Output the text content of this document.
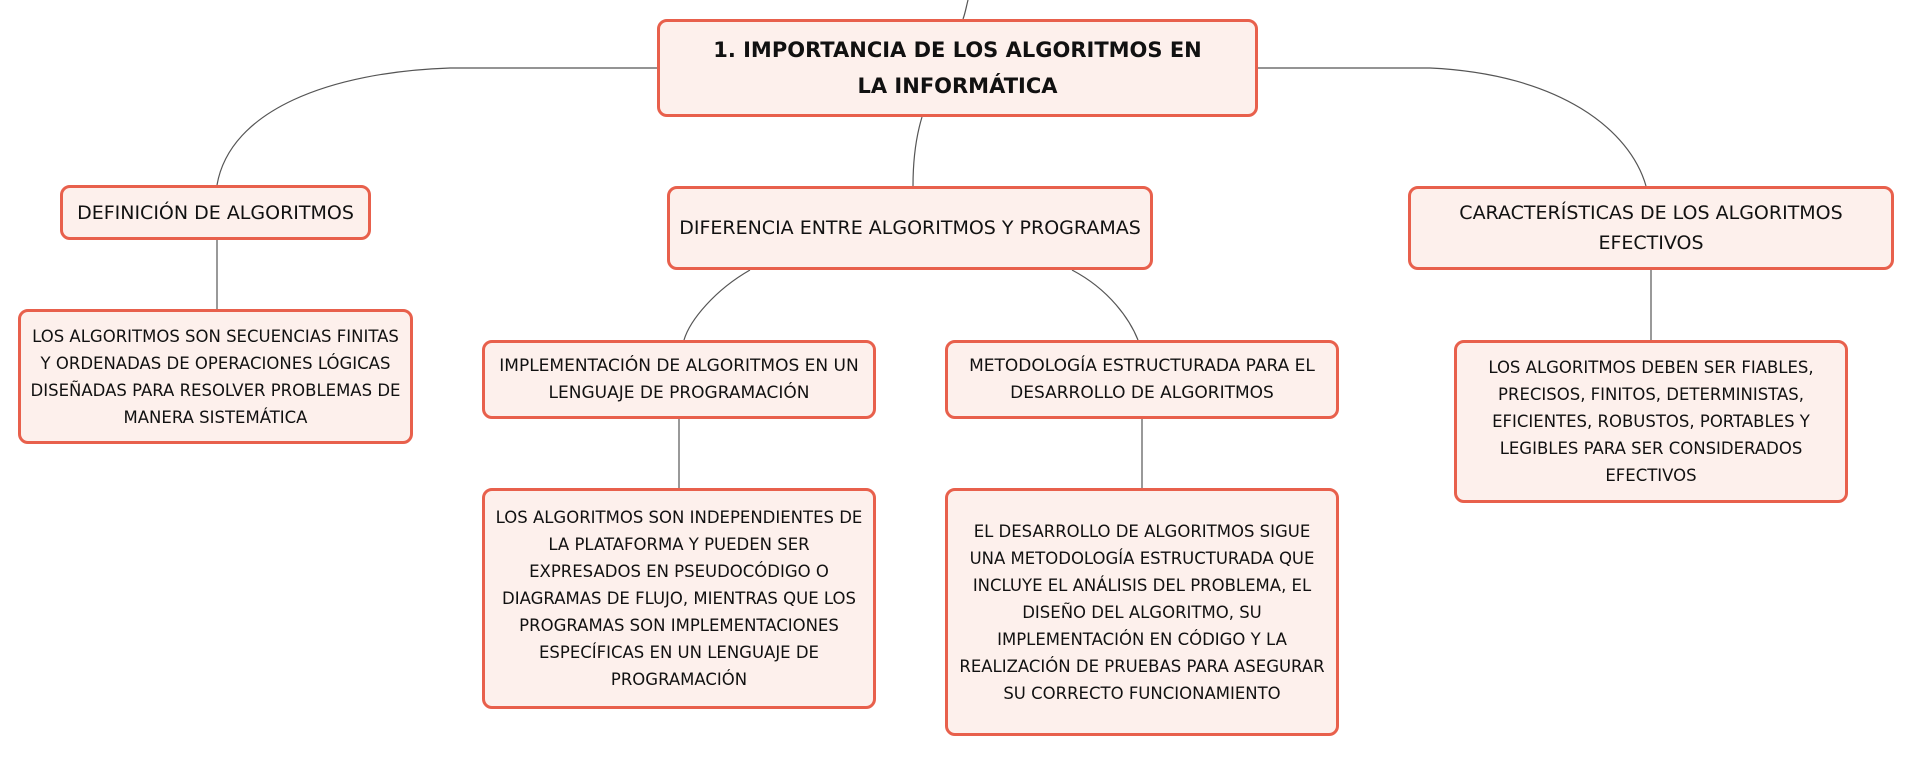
1. IMPORTANCIA DE LOS ALGORITMOS EN LA INFORMÁTICA
DEFINICIÓN DE ALGORITMOS
DIFERENCIA ENTRE ALGORITMOS Y PROGRAMAS
CARACTERÍSTICAS DE LOS ALGORITMOS EFECTIVOS
IMPLEMENTACIÓN DE ALGORITMOS EN UN LENGUAJE DE PROGRAMACIÓN
METODOLOGÍA ESTRUCTURADA PARA EL DESARROLLO DE ALGORITMOS
LOS ALGORITMOS SON SECUENCIAS FINITAS Y ORDENADAS DE OPERACIONES LÓGICAS DISEÑADAS PARA RESOLVER PROBLEMAS DE MANERA SISTEMÁTICA
LOS ALGORITMOS SON INDEPENDIENTES DE LA PLATAFORMA Y PUEDEN SER EXPRESADOS EN PSEUDOCÓDIGO O DIAGRAMAS DE FLUJO, MIENTRAS QUE LOS PROGRAMAS SON IMPLEMENTACIONES ESPECÍFICAS EN UN LENGUAJE DE PROGRAMACIÓN
EL DESARROLLO DE ALGORITMOS SIGUE UNA METODOLOGÍA ESTRUCTURADA QUE INCLUYE EL ANÁLISIS DEL PROBLEMA, EL DISEÑO DEL ALGORITMO, SU IMPLEMENTACIÓN EN CÓDIGO Y LA REALIZACIÓN DE PRUEBAS PARA ASEGURAR SU CORRECTO FUNCIONAMIENTO
LOS ALGORITMOS DEBEN SER FIABLES, PRECISOS, FINITOS, DETERMINISTAS, EFICIENTES, ROBUSTOS, PORTABLES Y LEGIBLES PARA SER CONSIDERADOS EFECTIVOS
